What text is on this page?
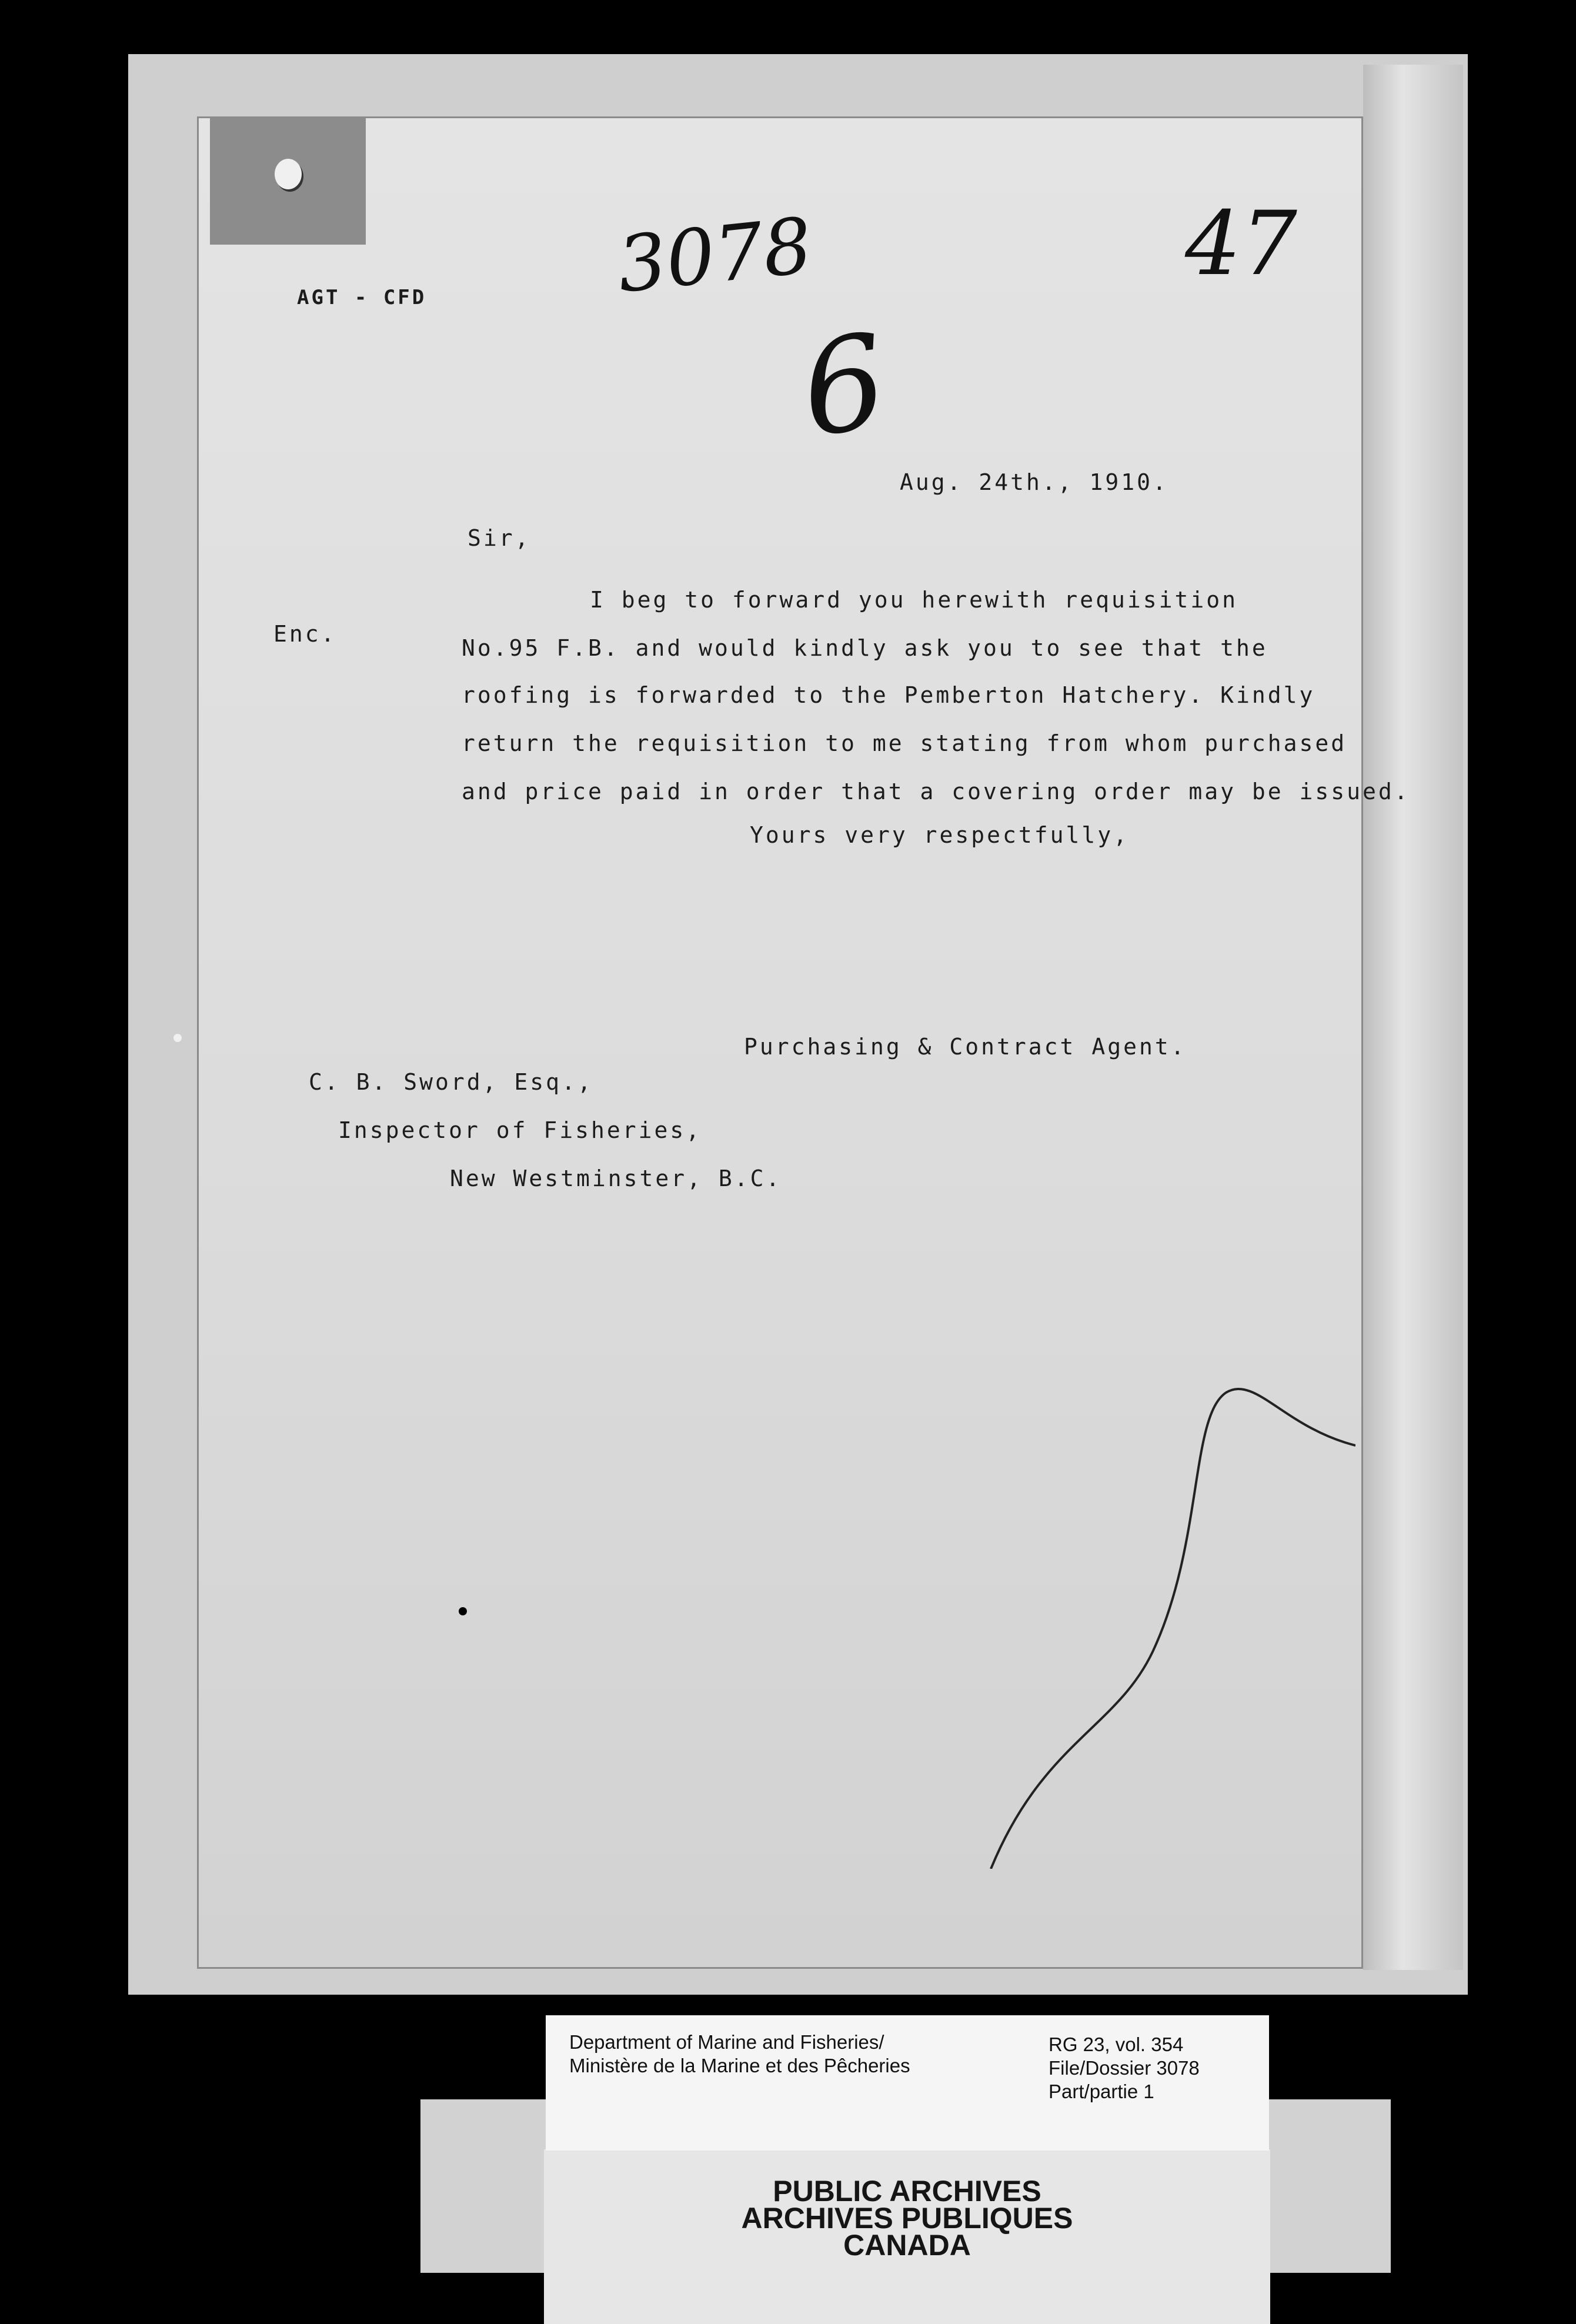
AGT - CFD 3078	47
6
Aug. 24th., 1910.
Sir,
Enc.
I beg to forward you herewith requisition
No.95 F.B. and would kindly ask you to see that the
roofing is forwarded to the Pemberton Hatchery. Kindly
return the requisition to me stating from whom purchased
and price paid in order that a covering order may be issued.
Yours very respectfully,
Purchasing & Contract Agent.
C. B. Sword, Esq.,
Inspector of Fisheries,
New Westminster, B.C.
PUBLIC ARCHIVES
ARCHIVES PUBLIQUES
CANADA
Department of Marine and Fisheries/
Ministère de la Marine et des Pêcheries
RG 23, vol. 354
File/Dossier 3078
Part/partie 1
